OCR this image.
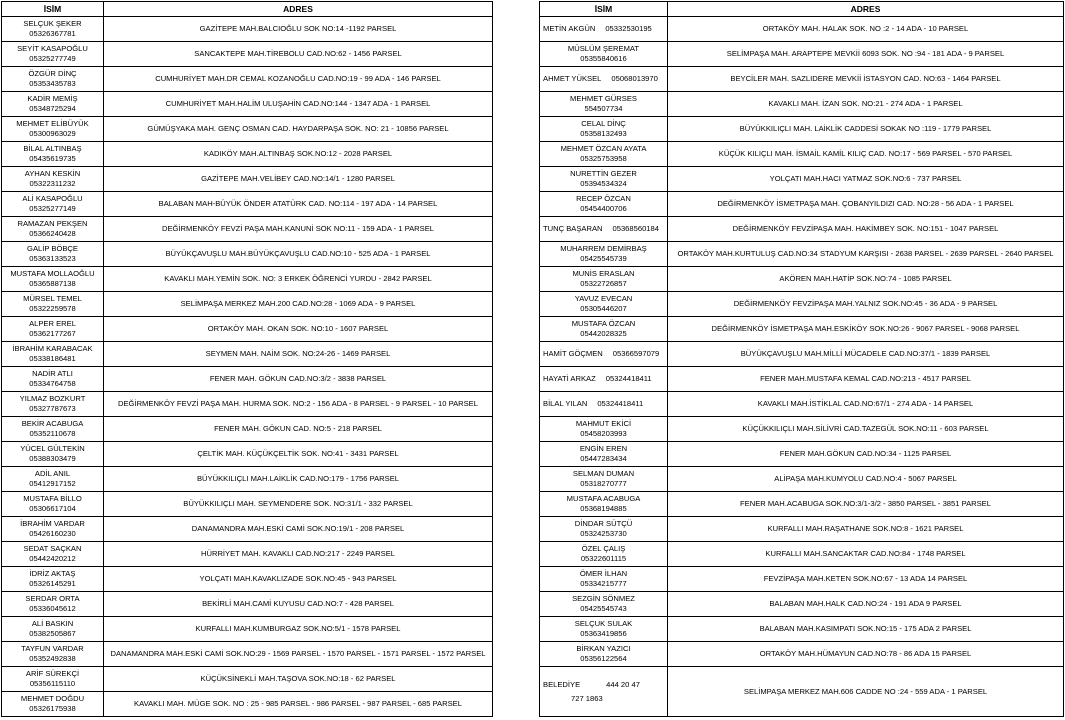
İSİM	ADRES

SELÇUK ŞEKER
05326367781	GAZİTEPE MAH.BALCIOĞLU SOK NO:14 -1192 PARSEL

SEYİT KASAPOĞLU
05325277749	SANCAKTEPE MAH.TİREBOLU CAD.NO:62 - 1456 PARSEL

ÖZGÜR DİNÇ
05353435783	CUMHURİYET MAH.DR CEMAL KOZANOĞLU CAD.NO:19 - 99 ADA - 146 PARSEL

KADİR MEMİŞ
05348725294	CUMHURİYET MAH.HALİM ULUŞAHİN CAD.NO:144 - 1347 ADA - 1 PARSEL

MEHMET ELİBÜYÜK
05300963029	GÜMÜŞYAKA MAH. GENÇ OSMAN CAD. HAYDARPAŞA SOK. NO: 21 - 10856 PARSEL

BİLAL ALTINBAŞ
05435619735	KADIKÖY MAH.ALTINBAŞ SOK.NO:12 - 2028 PARSEL

AYHAN KESKİN
05322311232	GAZİTEPE MAH.VELİBEY CAD.NO:14/1 - 1280 PARSEL

ALİ KASAPOĞLU
05325277149	BALABAN MAH-BÜYÜK ÖNDER ATATÜRK CAD. NO:114 - 197 ADA - 14 PARSEL

RAMAZAN PEKŞEN
05366240428	DEĞİRMENKÖY FEVZİ PAŞA MAH.KANUNİ SOK NO:11 - 159 ADA - 1 PARSEL

GALİP BÖBÇE
05363133523	BÜYÜKÇAVUŞLU MAH.BÜYÜKÇAVUŞLU CAD.NO:10 - 525 ADA - 1 PARSEL

MUSTAFA MOLLAOĞLU
05365887138	KAVAKLI MAH.YEMİN SOK. NO: 3 ERKEK ÖĞRENCİ YURDU - 2842 PARSEL

MÜRSEL TEMEL
05322259578	SELİMPAŞA MERKEZ MAH.200 CAD.NO:28 - 1069 ADA - 9 PARSEL

ALPER EREL
05362177267	ORTAKÖY MAH. OKAN SOK. NO:10 - 1607 PARSEL

İBRAHİM KARABACAK
05338186481	SEYMEN MAH. NAİM SOK. NO:24-26 - 1469 PARSEL

NADİR ATLI
05334764758	FENER MAH. GÖKUN CAD.NO:3/2 - 3838 PARSEL

YILMAZ BOZKURT
05327787673	DEĞİRMENKÖY FEVZİ PAŞA MAH. HURMA SOK. NO:2 - 156 ADA - 8 PARSEL - 9 PARSEL - 10 PARSEL

BEKİR ACABUGA
05352110678	FENER MAH. GÖKUN CAD. NO:5 - 218 PARSEL

YÜCEL GÜLTEKİN
05388303479	ÇELTİK MAH. KÜÇÜKÇELTİK SOK. NO:41 - 3431 PARSEL

ADİL ANIL
05412917152	BÜYÜKKILIÇLI MAH.LAİKLİK CAD.NO:179 - 1756 PARSEL

MUSTAFA BİLLO
05306617104	BÜYÜKKILIÇLI MAH. SEYMENDERE SOK. NO:31/1 - 332 PARSEL

İBRAHİM VARDAR
05426160230	DANAMANDRA MAH.ESKİ CAMİ SOK.NO:19/1 - 208 PARSEL

SEDAT SAÇKAN
05442420212	HÜRRİYET MAH. KAVAKLI CAD.NO:217 - 2249 PARSEL

İDRİZ AKTAŞ
05326145291	YOLÇATI MAH.KAVAKLIZADE SOK.NO:45 - 943 PARSEL

SERDAR ORTA
05336045612	BEKİRLİ MAH.CAMİ KUYUSU CAD.NO:7 - 428 PARSEL

ALİ BASKIN
05382505867	KURFALLI MAH.KUMBURGAZ SOK.NO:5/1 - 1578 PARSEL

TAYFUN VARDAR
05352492838	DANAMANDRA MAH.ESKİ CAMİ SOK.NO:29 - 1569 PARSEL - 1570 PARSEL - 1571 PARSEL - 1572 PARSEL

ARİF SÜREKÇİ
05356115110	KÜÇÜKSİNEKLİ MAH.TAŞOVA SOK.NO:18 - 62 PARSEL

MEHMET DOĞDU
05326175938	KAVAKLI MAH. MÜGE SOK. NO : 25 - 985 PARSEL - 986 PARSEL - 987 PARSEL - 685 PARSEL
İSİM	ADRES
METİN AKGÜN 05332530195	ORTAKÖY MAH. HALAK SOK. NO :2 - 14 ADA - 10 PARSEL

MÜSLÜM ŞEREMAT
05355840616	SELİMPAŞA MAH. ARAPTEPE MEVKİİ 6093 SOK. NO :94 - 181 ADA - 9 PARSEL
AHMET YÜKSEL 05068013970	BEYCİLER MAH. SAZLIDERE MEVKİİ İSTASYON CAD. NO:63 - 1464 PARSEL

MEHMET GÜRSES
554507734	KAVAKLI MAH. İZAN SOK. NO:21 - 274 ADA - 1 PARSEL

CELAL DİNÇ
05358132493	BÜYÜKKILIÇLI MAH. LAİKLİK CADDESİ SOKAK NO :119 - 1779 PARSEL

MEHMET ÖZCAN AYATA
05325753958	KÜÇÜK KILIÇLI MAH. İSMAİL KAMİL KILIÇ CAD. NO:17 - 569 PARSEL - 570 PARSEL

NURETTİN GEZER
05394534324	YOLÇATI MAH.HACI YATMAZ SOK.NO:6 - 737 PARSEL

RECEP ÖZCAN
05454400706	DEĞİRMENKÖY İSMETPAŞA MAH. ÇOBANYILDIZI CAD. NO:28 - 56 ADA - 1 PARSEL
TUNÇ BAŞARAN 05368560184	DEĞİRMENKÖY FEVZİPAŞA MAH. HAKİMBEY SOK. NO:151 - 1047 PARSEL

MUHARREM DEMİRBAŞ
05425545739	ORTAKÖY MAH.KURTULUŞ CAD.NO:34 STADYUM KARŞISI - 2638 PARSEL - 2639 PARSEL - 2640 PARSEL

MUNİS ERASLAN
05322726857	AKÖREN MAH.HATİP SOK.NO:74 - 1085 PARSEL

YAVUZ EVECAN
05305446207	DEĞİRMENKÖY FEVZİPAŞA MAH.YALNIZ SOK.NO:45 - 36 ADA - 9 PARSEL

MUSTAFA ÖZCAN
05442028325	DEĞİRMENKÖY İSMETPAŞA MAH.ESKİKÖY SOK.NO:26 - 9067 PARSEL - 9068 PARSEL
HAMİT GÖÇMEN 05366597079	BÜYÜKÇAVUŞLU MAH.MİLLİ MÜCADELE CAD.NO:37/1 - 1839 PARSEL
HAYATİ ARKAZ 05324418411	FENER MAH.MUSTAFA KEMAL CAD.NO:213 - 4517 PARSEL
BİLAL YILAN 05324418411	KAVAKLI MAH.İSTİKLAL CAD.NO:67/1 - 274 ADA - 14 PARSEL

MAHMUT EKİCİ
05458203993	KÜÇÜKKILIÇLI MAH.SİLİVRİ CAD.TAZEGÜL SOK.NO:11 - 603 PARSEL

ENGİN EREN
05447283434	FENER MAH.GÖKUN CAD.NO:34 - 1125 PARSEL

SELMAN DUMAN
05318270777	ALİPAŞA MAH.KUMYOLU CAD.NO:4 - 5067 PARSEL

MUSTAFA ACABUGA
05368194885	FENER MAH.ACABUGA SOK.NO:3/1-3/2 - 3850 PARSEL - 3851 PARSEL

DİNDAR SÜTÇÜ
05324253730	KURFALLI MAH.RAŞATHANE SOK.NO:8 - 1621 PARSEL

ÖZEL ÇALIŞ
05322601115	KURFALLI MAH.SANCAKTAR CAD.NO:84 - 1748 PARSEL

ÖMER İLHAN
05334215777	FEVZİPAŞA MAH.KETEN SOK.NO:67 - 13 ADA 14 PARSEL

SEZGİN SÖNMEZ
05425545743	BALABAN MAH.HALK CAD.NO:24 - 191 ADA 9 PARSEL

SELÇUK SULAK
05363419856	BALABAN MAH.KASIMPATI SOK.NO:15 - 175 ADA 2 PARSEL

BİRKAN YAZICI
05356122564	ORTAKÖY MAH.HÜMAYUN CAD.NO:78 - 86 ADA 15 PARSEL

BELEDİYE 444 20 47
727 1863	SELİMPAŞA MERKEZ MAH.606 CADDE NO :24 - 559 ADA - 1 PARSEL
